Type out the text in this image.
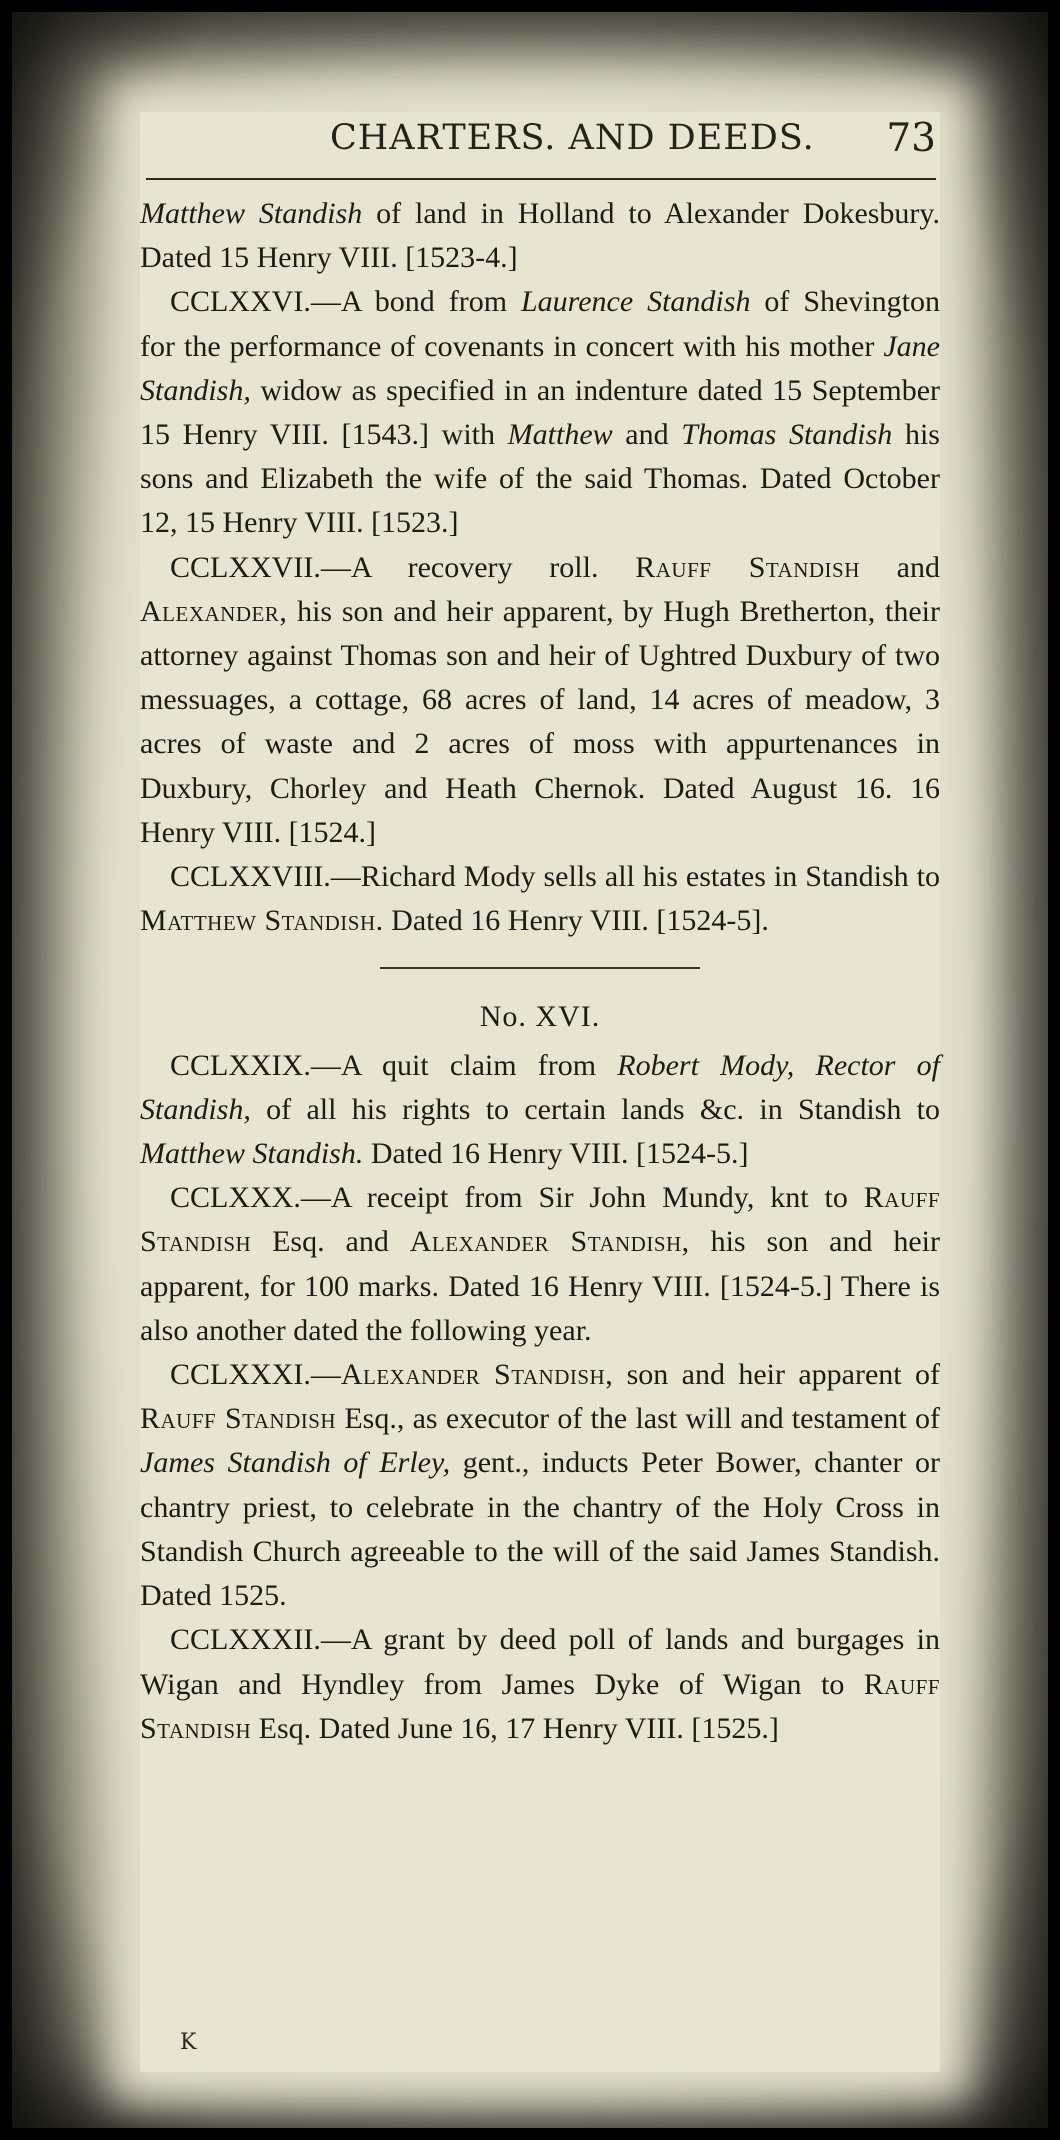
CHARTERS. AND DEEDS. 73

Matthew Standish of land in Holland to Alexander Dokesbury. Dated 15 Henry VIII. [1523-4.]

CCLXXVI.—A bond from Laurence Standish of Shevington for the performance of covenants in concert with his mother Jane Standish, widow as specified in an indenture dated 15 September 15 Henry VIII. [1543.] with Matthew and Thomas Standish his sons and Elizabeth the wife of the said Thomas. Dated October 12, 15 Henry VIII. [1523.]

CCLXXVII.—A recovery roll. Rauff Standish and Alexander, his son and heir apparent, by Hugh Bretherton, their attorney against Thomas son and heir of Ughtred Duxbury of two messuages, a cottage, 68 acres of land, 14 acres of meadow, 3 acres of waste and 2 acres of moss with appurtenances in Duxbury, Chorley and Heath Chernok. Dated August 16. 16 Henry VIII. [1524.]

CCLXXVIII.—Richard Mody sells all his estates in Standish to Matthew Standish. Dated 16 Henry VIII. [1524-5].

No. XVI.

CCLXXIX.—A quit claim from Robert Mody, Rector of Standish, of all his rights to certain lands &c. in Standish to Matthew Standish. Dated 16 Henry VIII. [1524-5.]

CCLXXX.—A receipt from Sir John Mundy, knt to Rauff Standish Esq. and Alexander Standish, his son and heir apparent, for 100 marks. Dated 16 Henry VIII. [1524-5.] There is also another dated the following year.

CCLXXXI.—Alexander Standish, son and heir apparent of Rauff Standish Esq., as executor of the last will and testament of James Standish of Erley, gent., inducts Peter Bower, chanter or chantry priest, to celebrate in the chantry of the Holy Cross in Standish Church agreeable to the will of the said James Standish. Dated 1525.

CCLXXXII.—A grant by deed poll of lands and burgages in Wigan and Hyndley from James Dyke of Wigan to Rauff Standish Esq. Dated June 16, 17 Henry VIII. [1525.]

K
